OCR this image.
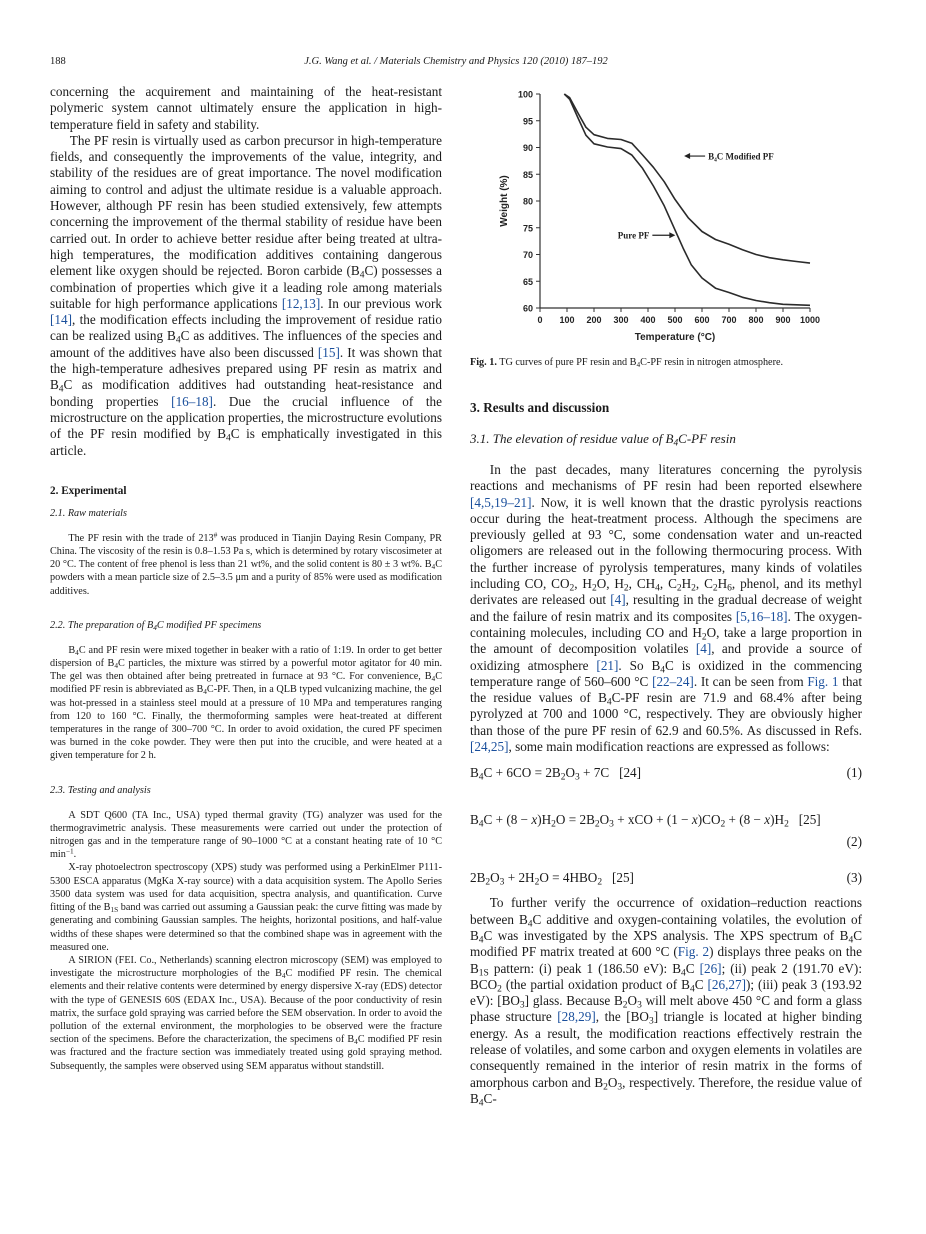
188	J.G. Wang et al. / Materials Chemistry and Physics 120 (2010) 187–192

concerning the acquirement and maintaining of the heat-resistant polymeric system cannot ultimately ensure the application in high-temperature field in safety and stability.

The PF resin is virtually used as carbon precursor in high-temperature fields, and consequently the improvements of the value, integrity, and stability of the residues are of great importance. The novel modification aiming to control and adjust the ultimate residue is a valuable approach. However, although PF resin has been studied extensively, few attempts concerning the improvement of the thermal stability of residue have been carried out. In order to achieve better residue after being treated at ultra-high temperatures, the modification additives containing dangerous element like oxygen should be rejected. Boron carbide $(B_4C)$ possesses a combination of properties which give it a leading role among materials suitable for high performance applications [12,13]. In our previous work [14], the modification effects including the improvement of residue ratio can be realized using $B_4C$ as additives. The influences of the species and amount of the additives have also been discussed [15]. It was shown that the high-temperature adhesives prepared using PF resin as matrix and $B_4C$ as modification additives had outstanding heat-resistance and bonding properties [16–18]. Due the crucial influence of the microstructure on the application properties, the microstructure evolutions of the PF resin modified by $B_4C$ is emphatically investigated in this article.

2. Experimental

2.1. Raw materials

The PF resin with the trade of 213# was produced in Tianjin Daying Resin Company, PR China. The viscosity of the resin is 0.8–1.53 Pa s, which is determined by rotary viscosimeter at 20 °C. The content of free phenol is less than 21 wt%, and the solid content is 80 ± 3 wt%. $B_4C$ powders with a mean particle size of 2.5–3.5 μm and a purity of 85% were used as modification additives.

2.2. The preparation of $B_4C$ modified PF specimens

$B_4C$ and PF resin were mixed together in beaker with a ratio of 1:19. In order to get better dispersion of $B_4C$ particles, the mixture was stirred by a powerful motor agitator for 40 min. The gel was then obtained after being pretreated in furnace at 93 °C. For convenience, $B_4C$ modified PF resin is abbreviated as $B_4C-PF$. Then, in a QLB typed vulcanizing machine, the gel was hot-pressed in a stainless steel mould at a pressure of 10 MPa and temperatures ranging from 120 to 160 °C. Finally, the thermoforming samples were heat-treated at different temperatures in the range of 300–700 °C. In order to avoid oxidation, the cured PF specimen was burned in the coke powder. They were then put into the crucible, and were heated at a given temperature for 2 h.

2.3. Testing and analysis

A SDT Q600 (TA Inc., USA) typed thermal gravity (TG) analyzer was used for the thermogravimetric analysis. These measurements were carried out under the protection of nitrogen gas and in the temperature range of 90–1000 °C at a constant heating rate of 10 °C $\min^{-1}$.

X-ray photoelectron spectroscopy (XPS) study was performed using a PerkinElmer P111-5300 ESCA apparatus (MgKa X-ray source) with a data acquisition system. The Apollo Series 3500 data system was used for data acquisition, spectra analysis, and quantification. Curve fitting of the $B_{1S}$ band was carried out assuming a Gaussian peak: the curve fitting was made by generating and combining Gaussian samples. The heights, horizontal positions, and half-value widths of these shapes were determined so that the combined shape was in agreement with the measured one.

A SIRION (FEI. Co., Netherlands) scanning electron microscopy (SEM) was employed to investigate the microstructure morphologies of the $B_4C$ modified PF resin. The chemical elements and their relative contents were determined by energy dispersive X-ray (EDS) detector with the type of GENESIS 60S (EDAX Inc., USA). Because of the poor conductivity of resin matrix, the surface gold spraying was carried before the SEM observation. In order to avoid the pollution of the external environment, the morphologies to be observed were the fracture section of the specimens. Before the characterization, the specimens of $B_4C$ modified PF resin was fractured and the fracture section was immediately treated using gold spraying method. Subsequently, the samples were observed using SEM apparatus without standstill.

60
65
70
75
80
85
90
95
100
0 100 200 300 400 500 600 700 800 900 1000
Temperature (°C)
Weight (%)
B₄C Modified PF
Pure PF

Fig. 1. TG curves of pure PF resin and $B_4C-PF$ resin in nitrogen atmosphere.

3. Results and discussion

3.1. The elevation of residue value of $B_4C-PF$ resin

In the past decades, many literatures concerning the pyrolysis reactions and mechanisms of PF resin had been reported elsewhere [4,5,19–21]. Now, it is well known that the drastic pyrolysis reactions occur during the heat-treatment process. Although the specimens are previously gelled at 93 °C, some condensation water and un-reacted oligomers are released out in the following thermocuring process. With the further increase of pyrolysis temperatures, many kinds of volatiles including CO, $CO_2$, $H_2O$, $H_2$, $CH_4$, $C_2H_2$, $C_2H_6$, phenol, and its methyl derivates are released out [4], resulting in the gradual decrease of weight and the failure of resin matrix and its composites [5,16–18]. The oxygen-containing molecules, including CO and $H_2O$, take a large proportion in the amount of decomposition volatiles [4], and provide a source of oxidizing atmosphere [21]. So $B_4C$ is oxidized in the commencing temperature range of 560–600 °C [22–24]. It can be seen from Fig. 1 that the residue values of $B_4C-PF$ resin are 71.9 and 68.4% after being pyrolyzed at 700 and 1000 °C, respectively. They are obviously higher than those of the pure PF resin of 62.9 and 60.5%. As discussed in Refs. [24,25], some main modification reactions are expressed as follows:

$B_4C + 6CO = 2B_2O_3 + 7C$   [24]	(1)
$B_4C + (8 - x)H_2O = 2B_2O_3$ + xCO + $(1 - x)CO_2 + (8 - x)H_2$ [25]
(2)
$2B_2O_3 + 2H_2O = 4HBO_2$ [25]	(3)

To further verify the occurrence of oxidation–reduction reactions between $B_4C$ additive and oxygen-containing volatiles, the evolution of $B_4C$ was investigated by the XPS analysis. The XPS spectrum of $B_4C$ modified PF matrix treated at 600 °C (Fig. 2) displays three peaks on the $B_{1S}$ pattern: (i) peak 1 (186.50 eV): $B_4C$ [26]; (ii) peak 2 (191.70 eV): $BCO_2$ (the partial oxidation product of $B_4C$ [26,27]); (iii) peak 3 (193.92 eV): $[BO_3]$ glass. Because $B_2O_3$ will melt above 450 °C and form a glass phase structure [28,29], the $[BO_3]$ triangle is located at higher binding energy. As a result, the modification reactions effectively restrain the release of volatiles, and some carbon and oxygen elements in volatiles are consequently remained in the interior of resin matrix in the forms of amorphous carbon and $B_2O_3$, respectively. Therefore, the residue value of $B_4C-$
